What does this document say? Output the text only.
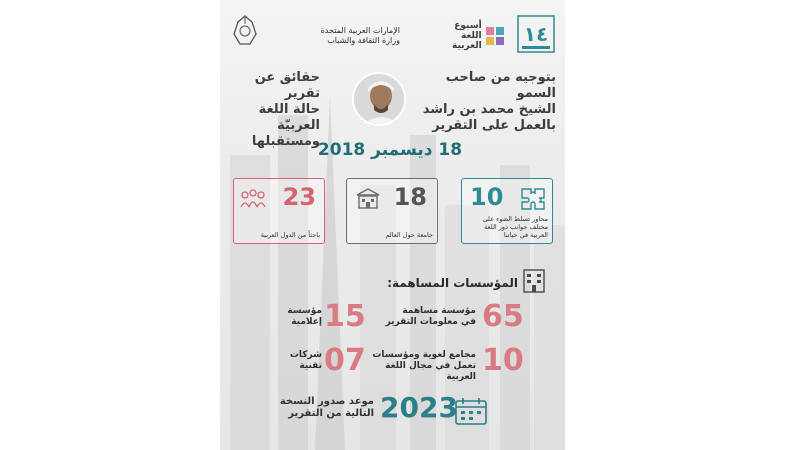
١٤
أسبوع
اللغة
العربية
الإمارات العربية المتحدة
وزارة الثقافة والشباب
بتوجيه من صاحب السمو
الشيخ محمد بن راشد
بالعمل على التقرير
حقائق عن تقرير
حالة اللغة العربيّة
ومستقبلها
18 ديسمبر 2018
10
محاور تسلط الضوء على مختلف جوانب دور اللغة العربية في حياتنا
18
جامعة حول العالم
23
باحثاً من الدول العربية
المؤسسات المساهمة:
مؤسسة مساهمة
في معلومات التقرير 65
مؤسسة
إعلامية 15
مجامع لغوية ومؤسسات
تعمل في مجال اللغة العربية 10
شركات
تقنية 07
2023
موعد صدور النسخة
التالية من التقرير
